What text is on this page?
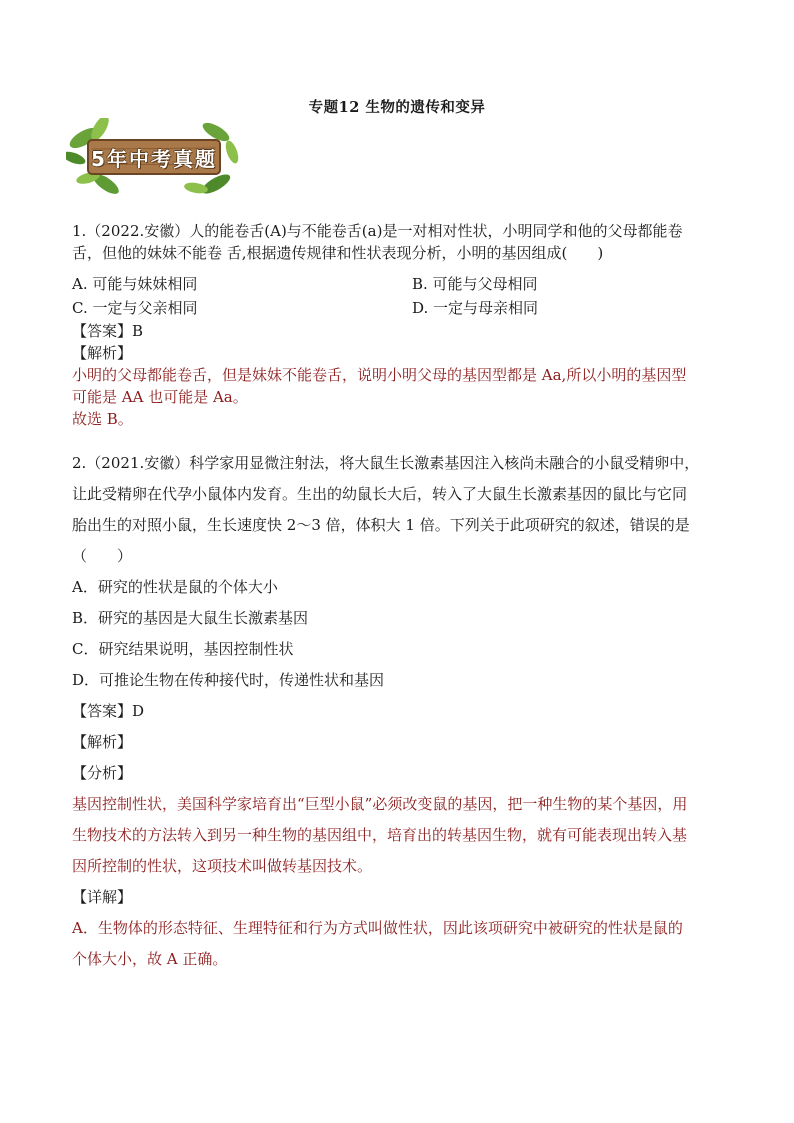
专题12 生物的遗传和变异
5年中考真题
1.（2022.安徽）人的能卷舌(A)与不能卷舌(a)是一对相对性状，小明同学和他的父母都能卷
舌，但他的妹妹不能卷 舌,根据遗传规律和性状表现分析，小明的基因组成(　　)
A. 可能与妹妹相同	B. 可能与父母相同
C. 一定与父亲相同	D. 一定与母亲相同
【答案】B
【解析】
小明的父母都能卷舌，但是妹妹不能卷舌，说明小明父母的基因型都是 Aa,所以小明的基因型
可能是 AA 也可能是 Aa。
故选 B。
2.（2021.安徽）科学家用显微注射法，将大鼠生长激素基因注入核尚未融合的小鼠受精卵中，
让此受精卵在代孕小鼠体内发育。生出的幼鼠长大后，转入了大鼠生长激素基因的鼠比与它同
胎出生的对照小鼠，生长速度快 2～3 倍，体积大 1 倍。下列关于此项研究的叙述，错误的是
（　　）
A．研究的性状是鼠的个体大小
B．研究的基因是大鼠生长激素基因
C．研究结果说明，基因控制性状
D．可推论生物在传种接代时，传递性状和基因
【答案】D
【解析】
【分析】
基因控制性状，美国科学家培育出“巨型小鼠”必须改变鼠的基因，把一种生物的某个基因，用
生物技术的方法转入到另一种生物的基因组中，培育出的转基因生物，就有可能表现出转入基
因所控制的性状，这项技术叫做转基因技术。
【详解】
A．生物体的形态特征、生理特征和行为方式叫做性状，因此该项研究中被研究的性状是鼠的
个体大小，故 A 正确。
